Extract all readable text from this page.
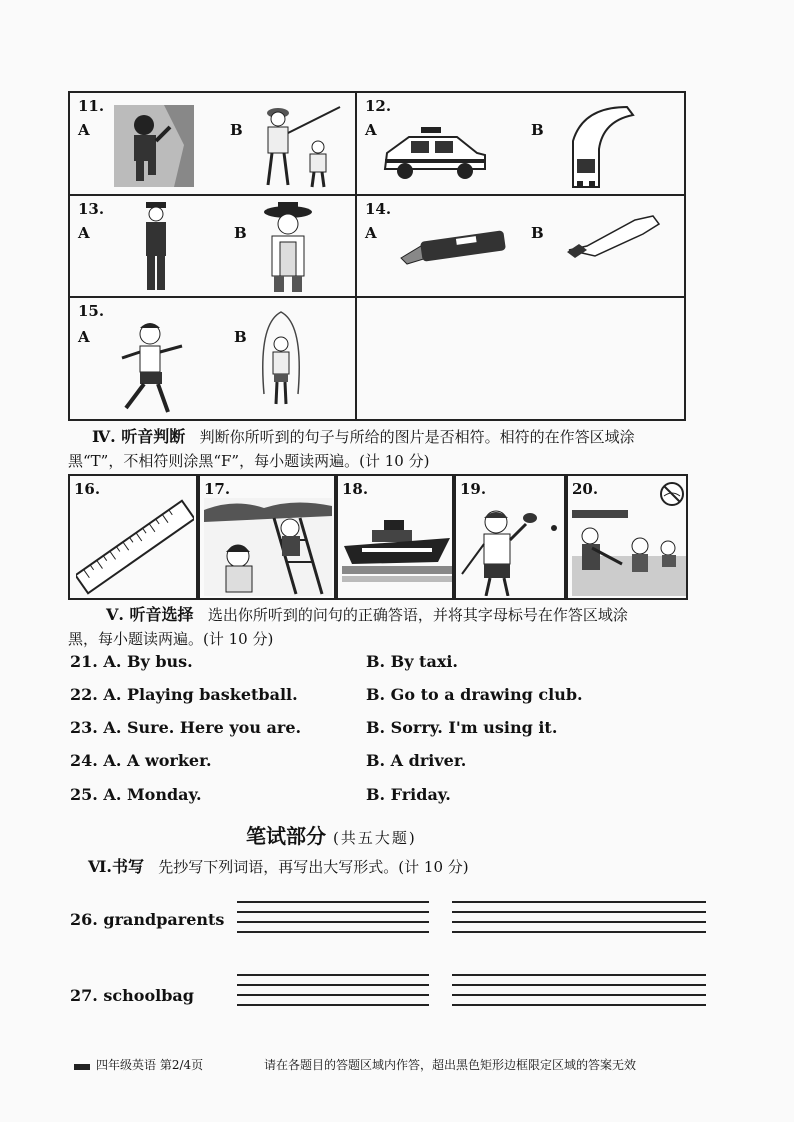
11.
A	B
12.
A	B
13.
A	B
14.
A	B
15.
A	B
Ⅳ. 听音判断 判断你所听到的句子与所给的图片是否相符。相符的在作答区域涂
黑“T”，不相符则涂黑“F”，每小题读两遍。(计 10 分)
16.	17.	18.	19.	20.
Ⅴ. 听音选择 选出你所听到的问句的正确答语，并将其字母标号在作答区域涂
黑，每小题读两遍。(计 10 分)
21. A. By bus.	B. By taxi.
22. A. Playing basketball.	B. Go to a drawing club.
23. A. Sure. Here you are.	B. Sorry. I'm using it.
24. A. A worker.	B. A driver.
25. A. Monday.	B. Friday.
笔试部分 (共五大题)
Ⅵ.书写 先抄写下列词语，再写出大写形式。(计 10 分)
26. grandparents
27. schoolbag
四年级英语 第2/4页	请在各题目的答题区域内作答，超出黑色矩形边框限定区域的答案无效
